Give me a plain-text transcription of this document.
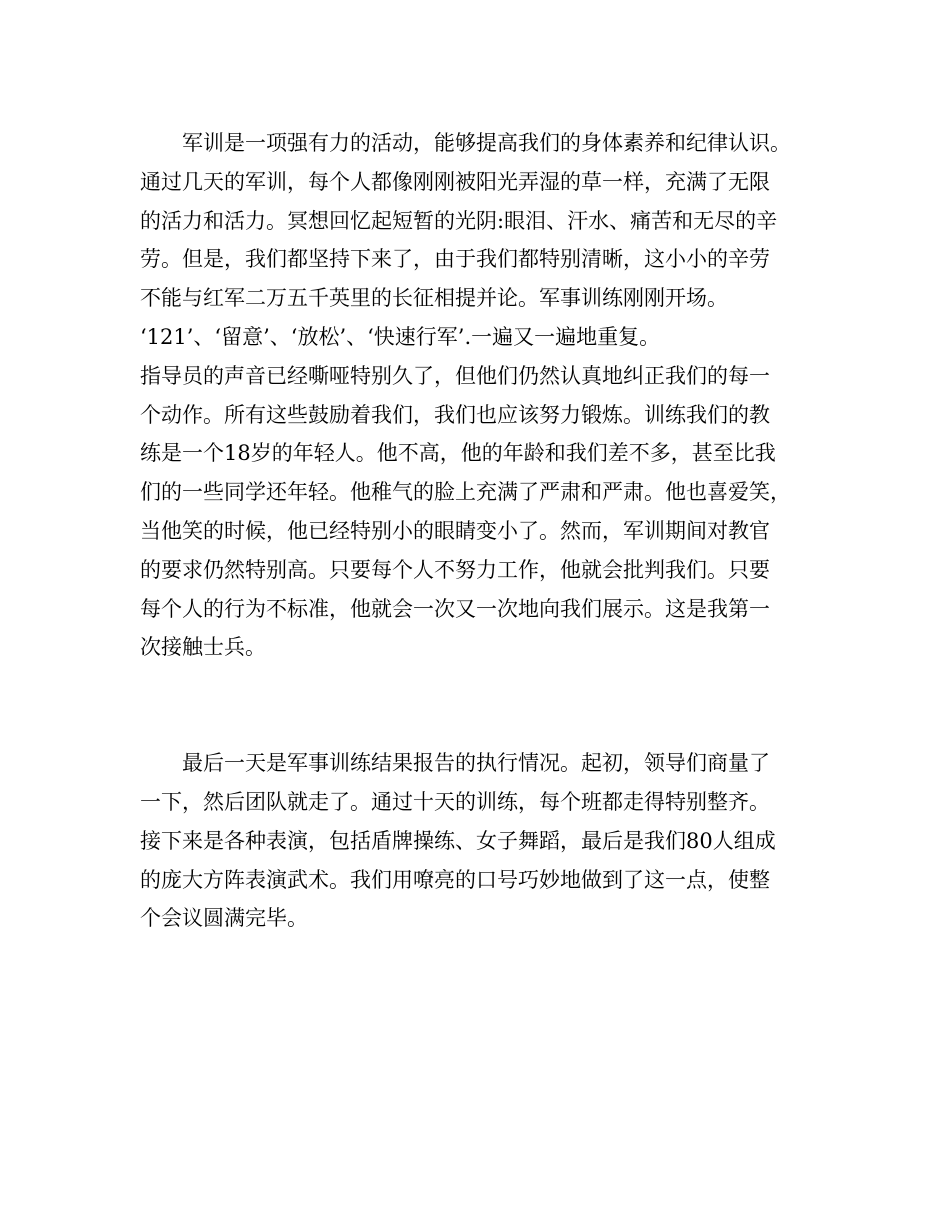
军训是一项强有力的活动，能够提高我们的身体素养和纪律认识。
通过几天的军训，每个人都像刚刚被阳光弄湿的草一样，充满了无限
的活力和活力。冥想回忆起短暂的光阴:眼泪、汗水、痛苦和无尽的辛
劳。但是，我们都坚持下来了，由于我们都特别清晰，这小小的辛劳
不能与红军二万五千英里的长征相提并论。军事训练刚刚开场。
‘121’、‘留意’、‘放松’、‘快速行军’.一遍又一遍地重复。
指导员的声音已经嘶哑特别久了，但他们仍然认真地纠正我们的每一
个动作。所有这些鼓励着我们，我们也应该努力锻炼。训练我们的教
练是一个18岁的年轻人。他不高，他的年龄和我们差不多，甚至比我
们的一些同学还年轻。他稚气的脸上充满了严肃和严肃。他也喜爱笑，
当他笑的时候，他已经特别小的眼睛变小了。然而，军训期间对教官
的要求仍然特别高。只要每个人不努力工作，他就会批判我们。只要
每个人的行为不标准，他就会一次又一次地向我们展示。这是我第一
次接触士兵。
最后一天是军事训练结果报告的执行情况。起初，领导们商量了
一下，然后团队就走了。通过十天的训练，每个班都走得特别整齐。
接下来是各种表演，包括盾牌操练、女子舞蹈，最后是我们80人组成
的庞大方阵表演武术。我们用嘹亮的口号巧妙地做到了这一点，使整
个会议圆满完毕。
